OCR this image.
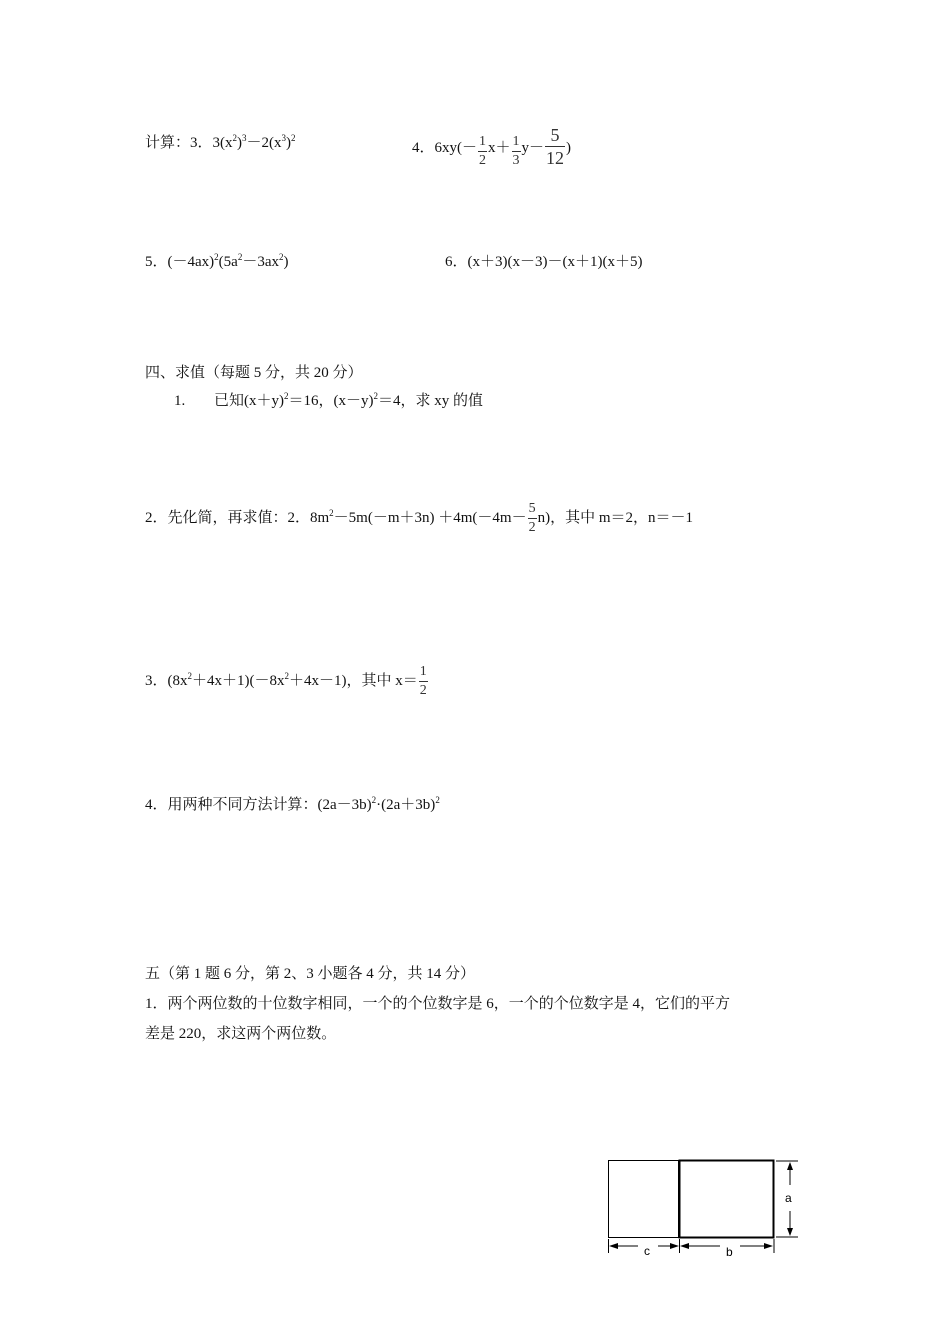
计算：3．$3(x^2)^3-2(x^3)^2$
4．$6xy(- \frac{1}{2} x+ \frac{1}{3} y- \frac{5}{12}$ )
5．$(-4ax)^2(5a^2-3ax^2)$	6．(x＋3)(x－3)－(x＋1)(x＋5)
四、求值（每题 5 分，共 20 分）
1. 已知$(x+y)^2=16$，$(x-y)^2=4$，求 xy 的值
2．先化简，再求值：2．$8m^2-5m(-m+3n) +4m(-4m- \frac{5}{2} n)$，其中 m＝2，n＝－1
3．$(8x^2+4x+1)(-8x^2+4x-1)$，其中 $x= \frac{1}{2}$
4．用两种不同方法计算：$(2a-3b)^2\cdot(2a+3b)^2$
五（第 1 题 6 分，第 2、3 小题各 4 分，共 14 分）
1．两个两位数的十位数字相同，一个的个位数字是 6，一个的个位数字是 4，它们的平方
差是 220，求这两个两位数。
a
c	b
